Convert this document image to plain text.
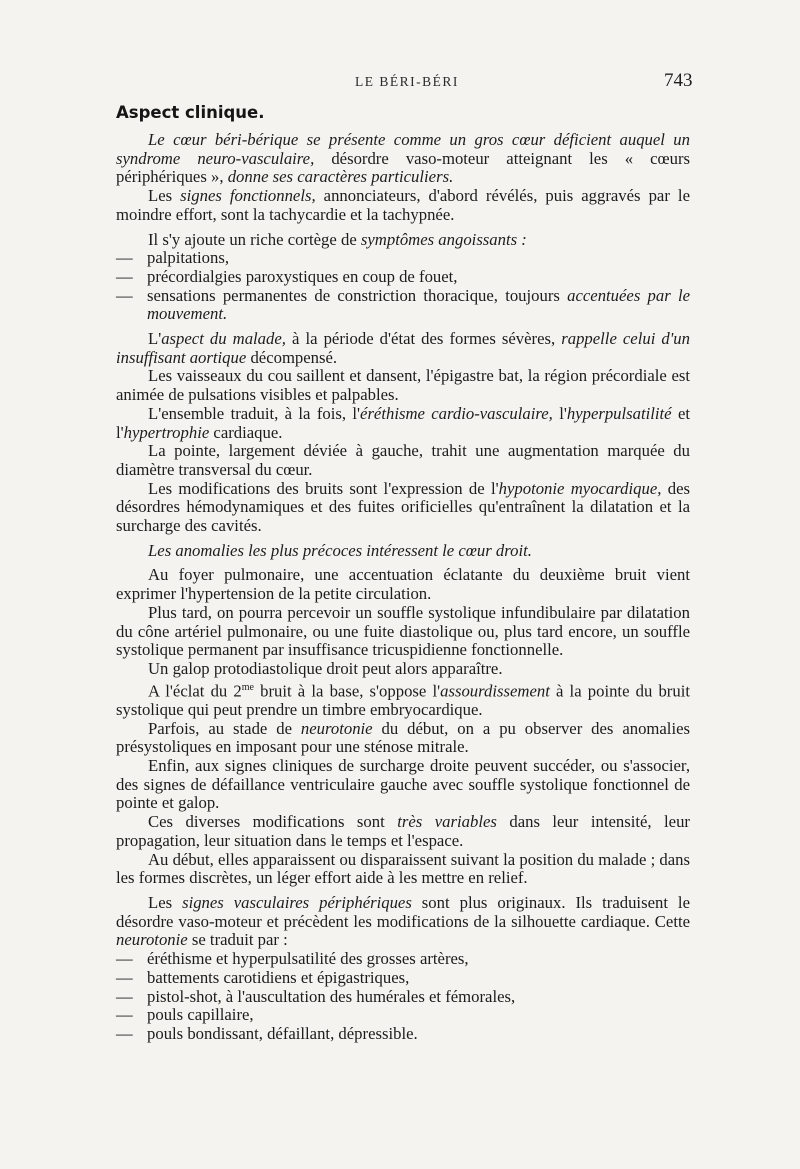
LE BÉRI-BÉRI	743
Aspect clinique.

Le cœur béri-bérique se présente comme un gros cœur déficient auquel un syndrome neuro-vasculaire, désordre vaso-moteur atteignant les « cœurs périphériques », donne ses caractères particuliers.

Les signes fonctionnels, annonciateurs, d'abord révélés, puis aggravés par le moindre effort, sont la tachycardie et la tachypnée.

Il s'y ajoute un riche cortège de symptômes angoissants :

— palpitations,

— précordialgies paroxystiques en coup de fouet,

— sensations permanentes de constriction thoracique, toujours accentuées par le mouvement.

L'aspect du malade, à la période d'état des formes sévères, rappelle celui d'un insuffisant aortique décompensé.

Les vaisseaux du cou saillent et dansent, l'épigastre bat, la région précordiale est animée de pulsations visibles et palpables.

L'ensemble traduit, à la fois, l'éréthisme cardio-vasculaire, l'hyperpulsatilité et l'hypertrophie cardiaque.

La pointe, largement déviée à gauche, trahit une augmentation marquée du diamètre transversal du cœur.

Les modifications des bruits sont l'expression de l'hypotonie myocardique, des désordres hémodynamiques et des fuites orificielles qu'entraînent la dilatation et la surcharge des cavités.

Les anomalies les plus précoces intéressent le cœur droit.

Au foyer pulmonaire, une accentuation éclatante du deuxième bruit vient exprimer l'hypertension de la petite circulation.

Plus tard, on pourra percevoir un souffle systolique infundibulaire par dilatation du cône artériel pulmonaire, ou une fuite diastolique ou, plus tard encore, un souffle systolique permanent par insuffisance tricuspidienne fonctionnelle.

Un galop protodiastolique droit peut alors apparaître.

A l'éclat du $2^{me}$ bruit à la base, s'oppose l'assourdissement à la pointe du bruit systolique qui peut prendre un timbre embryocardique.

Parfois, au stade de neurotonie du début, on a pu observer des anomalies présystoliques en imposant pour une sténose mitrale.

Enfin, aux signes cliniques de surcharge droite peuvent succéder, ou s'associer, des signes de défaillance ventriculaire gauche avec souffle systolique fonctionnel de pointe et galop.

Ces diverses modifications sont très variables dans leur intensité, leur propagation, leur situation dans le temps et l'espace.

Au début, elles apparaissent ou disparaissent suivant la position du malade ; dans les formes discrètes, un léger effort aide à les mettre en relief.

Les signes vasculaires périphériques sont plus originaux. Ils traduisent le désordre vaso-moteur et précèdent les modifications de la silhouette cardiaque. Cette neurotonie se traduit par :

— éréthisme et hyperpulsatilité des grosses artères,

— battements carotidiens et épigastriques,

— pistol-shot, à l'auscultation des humérales et fémorales,

— pouls capillaire,

— pouls bondissant, défaillant, dépressible.
